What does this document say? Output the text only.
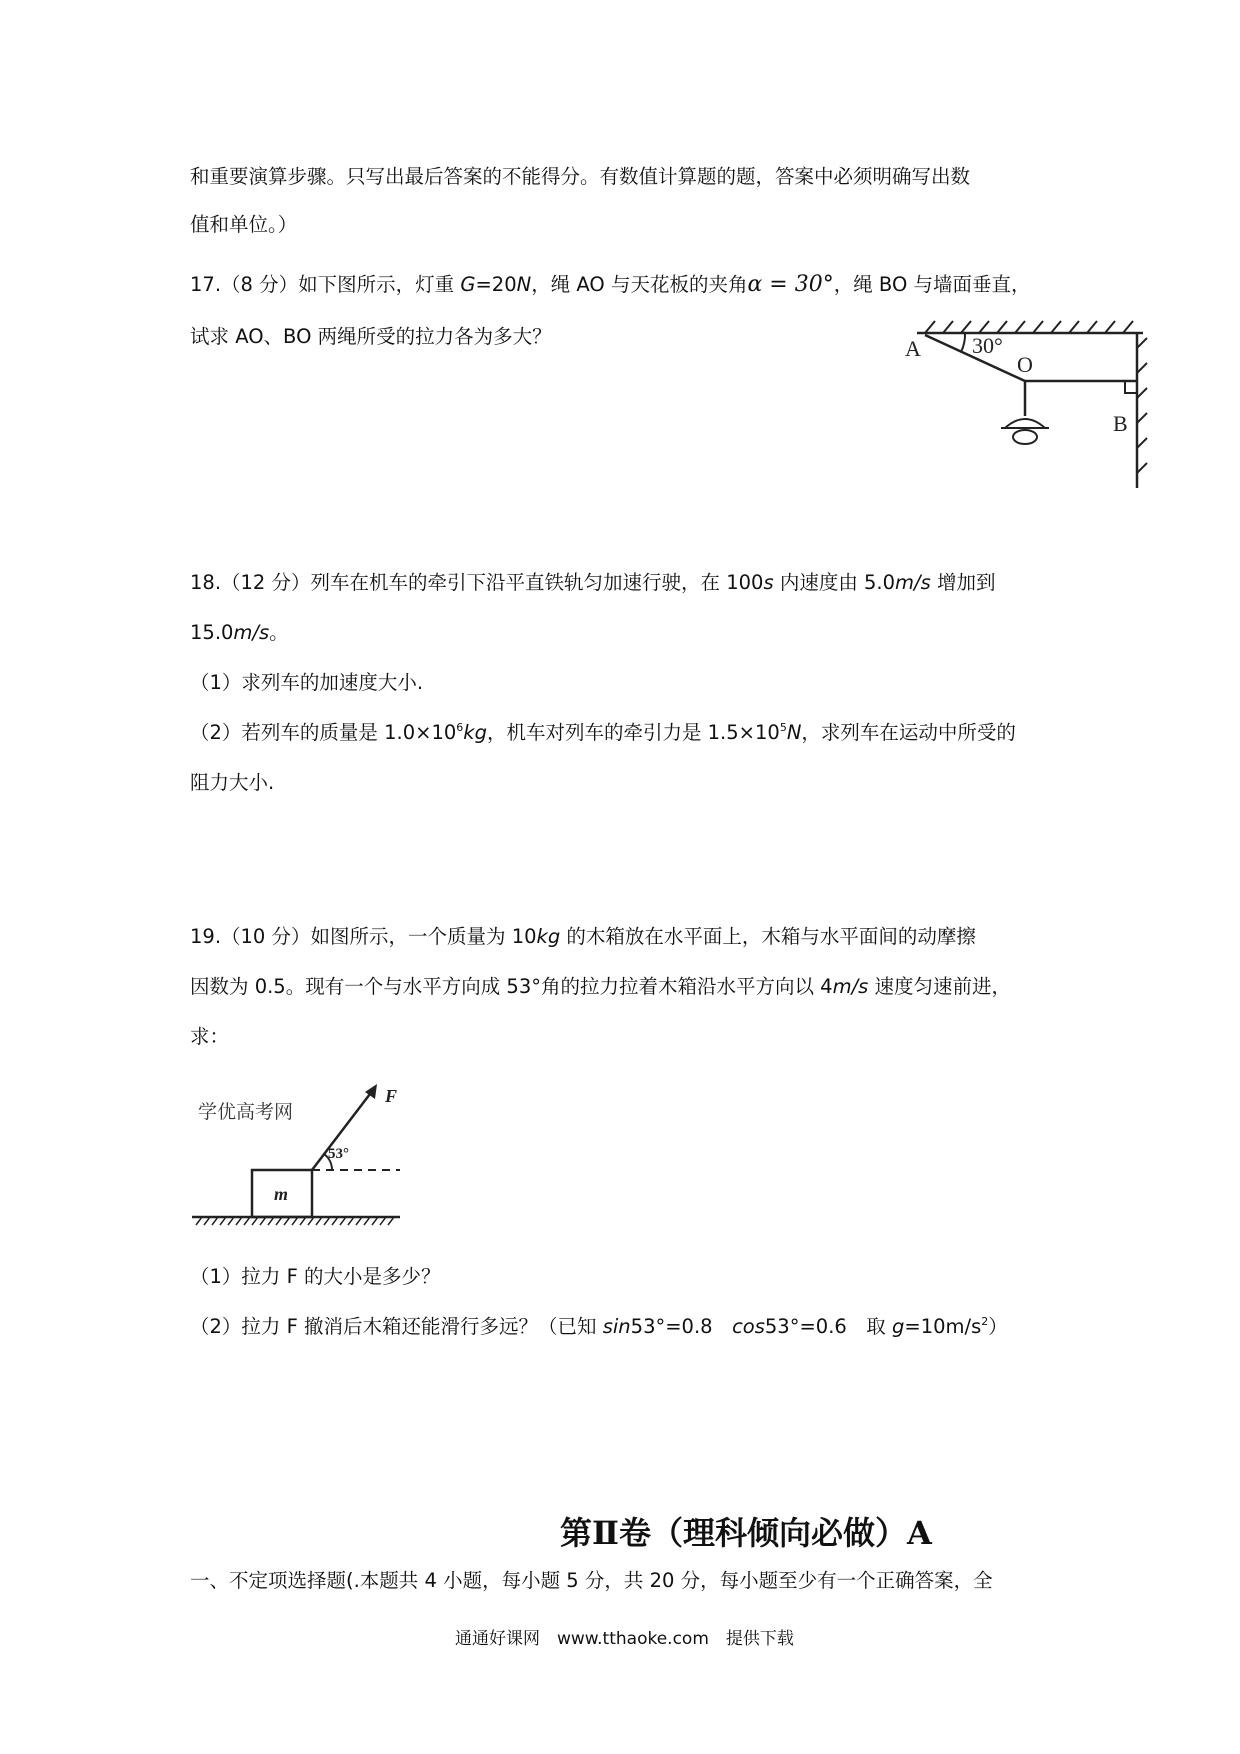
和重要演算步骤。只写出最后答案的不能得分。有数值计算题的题，答案中必须明确写出数
值和单位。）
17.（8 分）如下图所示，灯重 G=20N，绳 AO 与天花板的夹角α = 30°，绳 BO 与墙面垂直，
试求 AO、BO 两绳所受的拉力各为多大？	A 30°
O
B
18.（12 分）列车在机车的牵引下沿平直铁轨匀加速行驶，在 100s 内速度由 5.0m/s 增加到
15.0m/s。
（1）求列车的加速度大小.
（2）若列车的质量是 $1.0\times 10^6kg$，机车对列车的牵引力是 $1.5\times 10^5N$，求列车在运动中所受的
阻力大小.
19.（10 分）如图所示，一个质量为 10kg 的木箱放在水平面上，木箱与水平面间的动摩擦
因数为 0.5。现有一个与水平方向成 53°角的拉力拉着木箱沿水平方向以 4m/s 速度匀速前进，
求：
学优高考网
F
53°
m
（1）拉力 F 的大小是多少？
（2）拉力 F 撤消后木箱还能滑行多远？（已知 sin53°=0.8　cos53°=0.6　取 $g=10m/s^2$）
第Ⅱ卷（理科倾向必做）A
一、不定项选择题(.本题共 4 小题，每小题 5 分，共 20 分，每小题至少有一个正确答案，全
通通好课网　www.tthaoke.com　提供下载
